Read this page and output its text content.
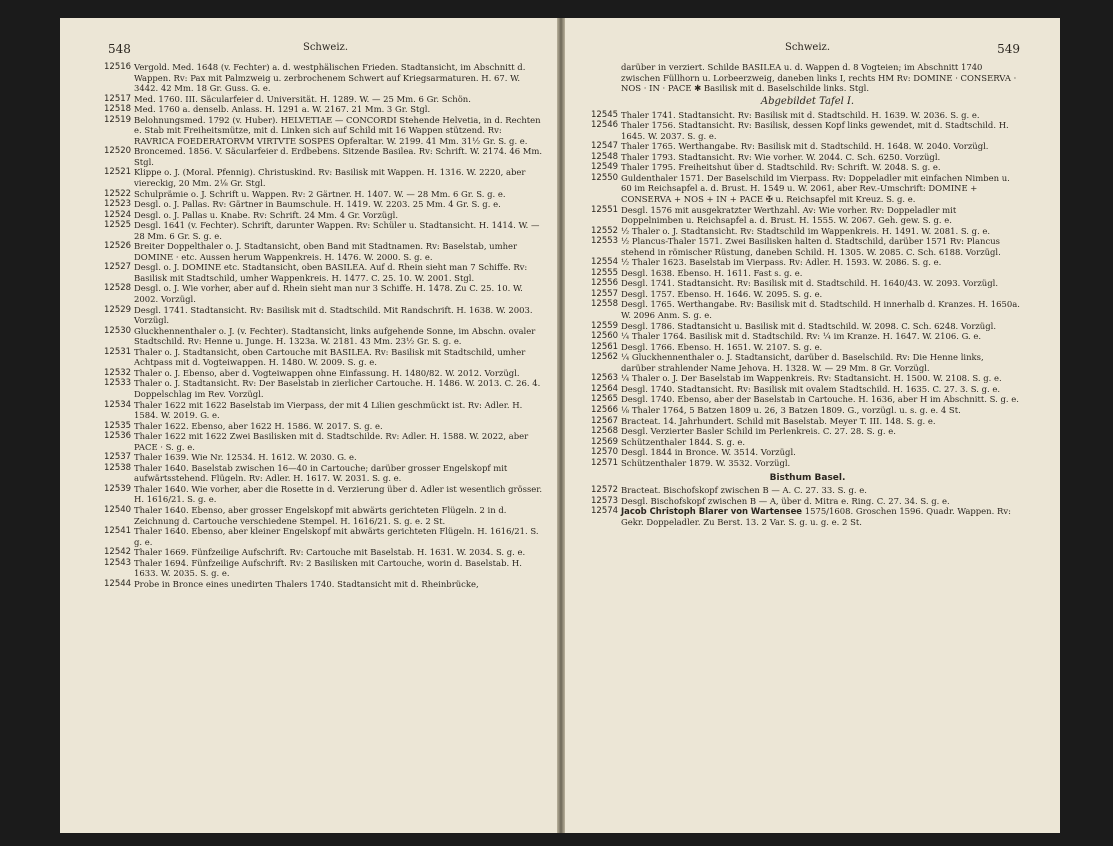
548	Schweiz.
12516 Vergold. Med. 1648 (v. Fechter) a. d. westphälischen Frieden. Stadtansicht, im Abschnitt d. Wappen. Rv: Pax mit Palmzweig u. zerbrochenem Schwert auf Kriegsarmaturen. H. 67. W. 3442. 42 Mm. 18 Gr. Guss. G. e.
12517 Med. 1760. III. Säcularfeier d. Universität. H. 1289. W. — 25 Mm. 6 Gr. Schön.
12518 Med. 1760 a. denselb. Anlass. H. 1291 a. W. 2167. 21 Mm. 3 Gr. Stgl.
12519 Belohnungsmed. 1792 (v. Huber). HELVETIAE — CONCORDI Stehende Helvetia, in d. Rechten e. Stab mit Freiheitsmütze, mit d. Linken sich auf Schild mit 16 Wappen stützend. Rv: RAVRICA FOEDERATORVM VIRTVTE SOSPES Opferaltar. W. 2199. 41 Mm. 31½ Gr. S. g. e.
12520 Broncemed. 1856. V. Säcularfeier d. Erdbebens. Sitzende Basilea. Rv: Schrift. W. 2174. 46 Mm. Stgl.
12521 Klippe o. J. (Moral. Pfennig). Christuskind. Rv: Basilisk mit Wappen. H. 1316. W. 2220, aber viereckig, 20 Mm. 2⅛ Gr. Stgl.
12522 Schulprämie o. J. Schrift u. Wappen. Rv: 2 Gärtner. H. 1407. W. — 28 Mm. 6 Gr. S. g. e.
12523 Desgl. o. J. Pallas. Rv: Gärtner in Baumschule. H. 1419. W. 2203. 25 Mm. 4 Gr. S. g. e.
12524 Desgl. o. J. Pallas u. Knabe. Rv: Schrift. 24 Mm. 4 Gr. Vorzügl.
12525 Desgl. 1641 (v. Fechter). Schrift, darunter Wappen. Rv: Schüler u. Stadtansicht. H. 1414. W. — 28 Mm. 6 Gr. S. g. e.
12526 Breiter Doppelthaler o. J. Stadtansicht, oben Band mit Stadtnamen. Rv: Baselstab, umher DOMINE · etc. Aussen herum Wappenkreis. H. 1476. W. 2000. S. g. e.
12527 Desgl. o. J. DOMINE etc. Stadtansicht, oben BASILEA. Auf d. Rhein sieht man 7 Schiffe. Rv: Basilisk mit Stadtschild, umher Wappenkreis. H. 1477. C. 25. 10. W. 2001. Stgl.
12528 Desgl. o. J. Wie vorher, aber auf d. Rhein sieht man nur 3 Schiffe. H. 1478. Zu C. 25. 10. W. 2002. Vorzügl.
12529 Desgl. 1741. Stadtansicht. Rv: Basilisk mit d. Stadtschild. Mit Randschrift. H. 1638. W. 2003. Vorzügl.
12530 Gluckhennenthaler o. J. (v. Fechter). Stadtansicht, links aufgehende Sonne, im Abschn. ovaler Stadtschild. Rv: Henne u. Junge. H. 1323a. W. 2181. 43 Mm. 23½ Gr. S. g. e.
12531 Thaler o. J. Stadtansicht, oben Cartouche mit BASILEA. Rv: Basilisk mit Stadtschild, umher Achtpass mit d. Vogteiwappen. H. 1480. W. 2009. S. g. e.
12532 Thaler o. J. Ebenso, aber d. Vogteiwappen ohne Einfassung. H. 1480/82. W. 2012. Vorzügl.
12533 Thaler o. J. Stadtansicht. Rv: Der Baselstab in zierlicher Cartouche. H. 1486. W. 2013. C. 26. 4. Doppelschlag im Rev. Vorzügl.
12534 Thaler 1622 mit 1622 Baselstab im Vierpass, der mit 4 Lilien geschmückt ist. Rv: Adler. H. 1584. W. 2019. G. e.
12535 Thaler 1622. Ebenso, aber 1622 H. 1586. W. 2017. S. g. e.
12536 Thaler 1622 mit 1622 Zwei Basilisken mit d. Stadtschilde. Rv: Adler. H. 1588. W. 2022, aber PACE · S. g. e.
12537 Thaler 1639. Wie Nr. 12534. H. 1612. W. 2030. G. e.
12538 Thaler 1640. Baselstab zwischen 16—40 in Cartouche; darüber grosser Engelskopf mit aufwärtsstehend. Flügeln. Rv: Adler. H. 1617. W. 2031. S. g. e.
12539 Thaler 1640. Wie vorher, aber die Rosette in d. Verzierung über d. Adler ist wesentlich grösser. H. 1616/21. S. g. e.
12540 Thaler 1640. Ebenso, aber grosser Engelskopf mit abwärts gerichteten Flügeln. 2 in d. Zeichnung d. Cartouche verschiedene Stempel. H. 1616/21. S. g. e. 2 St.
12541 Thaler 1640. Ebenso, aber kleiner Engelskopf mit abwärts gerichteten Flügeln. H. 1616/21. S. g. e.
12542 Thaler 1669. Fünfzeilige Aufschrift. Rv: Cartouche mit Baselstab. H. 1631. W. 2034. S. g. e.
12543 Thaler 1694. Fünfzeilige Aufschrift. Rv: 2 Basilisken mit Cartouche, worin d. Baselstab. H. 1633. W. 2035. S. g. e.
12544 Probe in Bronce eines unedirten Thalers 1740. Stadtansicht mit d. Rheinbrücke,
Schweiz.	549
darüber in verziert. Schilde BASILEA u. d. Wappen d. 8 Vogteien; im Abschnitt 1740 zwischen Füllhorn u. Lorbeerzweig, daneben links I, rechts HM Rv: DOMINE · CONSERVA · NOS · IN · PACE ✱ Basilisk mit d. Baselschilde links. Stgl.
Abgebildet Tafel I.
12545 Thaler 1741. Stadtansicht. Rv: Basilisk mit d. Stadtschild. H. 1639. W. 2036. S. g. e.
12546 Thaler 1756. Stadtansicht. Rv: Basilisk, dessen Kopf links gewendet, mit d. Stadtschild. H. 1645. W. 2037. S. g. e.
12547 Thaler 1765. Werthangabe. Rv: Basilisk mit d. Stadtschild. H. 1648. W. 2040. Vorzügl.
12548 Thaler 1793. Stadtansicht. Rv: Wie vorher. W. 2044. C. Sch. 6250. Vorzügl.
12549 Thaler 1795. Freiheitshut über d. Stadtschild. Rv: Schrift. W. 2048. S. g. e.
12550 Guldenthaler 1571. Der Baselschild im Vierpass. Rv: Doppeladler mit einfachen Nimben u. 60 im Reichsapfel a. d. Brust. H. 1549 u. W. 2061, aber Rev.-Umschrift: DOMINE + CONSERVA + NOS + IN + PACE ✠ u. Reichsapfel mit Kreuz. S. g. e.
12551 Desgl. 1576 mit ausgekratzter Werthzahl. Av: Wie vorher. Rv: Doppeladler mit Doppelnimben u. Reichsapfel a. d. Brust. H. 1555. W. 2067. Geh. gew. S. g. e.
12552 ½ Thaler o. J. Stadtansicht. Rv: Stadtschild im Wappenkreis. H. 1491. W. 2081. S. g. e.
12553 ½ Plancus-Thaler 1571. Zwei Basilisken halten d. Stadtschild, darüber 1571 Rv: Plancus stehend in römischer Rüstung, daneben Schild. H. 1305. W. 2085. C. Sch. 6188. Vorzügl.
12554 ½ Thaler 1623. Baselstab im Vierpass. Rv: Adler. H. 1593. W. 2086. S. g. e.
12555 Desgl. 1638. Ebenso. H. 1611. Fast s. g. e.
12556 Desgl. 1741. Stadtansicht. Rv: Basilisk mit d. Stadtschild. H. 1640/43. W. 2093. Vorzügl.
12557 Desgl. 1757. Ebenso. H. 1646. W. 2095. S. g. e.
12558 Desgl. 1765. Werthangabe. Rv: Basilisk mit d. Stadtschild. H innerhalb d. Kranzes. H. 1650a. W. 2096 Anm. S. g. e.
12559 Desgl. 1786. Stadtansicht u. Basilisk mit d. Stadtschild. W. 2098. C. Sch. 6248. Vorzügl.
12560 ¼ Thaler 1764. Basilisk mit d. Stadtschild. Rv: ¼ im Kranze. H. 1647. W. 2106. G. e.
12561 Desgl. 1766. Ebenso. H. 1651. W. 2107. S. g. e.
12562 ¼ Gluckhennenthaler o. J. Stadtansicht, darüber d. Baselschild. Rv: Die Henne links, darüber strahlender Name Jehova. H. 1328. W. — 29 Mm. 8 Gr. Vorzügl.
12563 ¼ Thaler o. J. Der Baselstab im Wappenkreis. Rv: Stadtansicht. H. 1500. W. 2108. S. g. e.
12564 Desgl. 1740. Stadtansicht. Rv: Basilisk mit ovalem Stadtschild. H. 1635. C. 27. 3. S. g. e.
12565 Desgl. 1740. Ebenso, aber der Baselstab in Cartouche. H. 1636, aber H im Abschnitt. S. g. e.
12566 ⅛ Thaler 1764, 5 Batzen 1809 u. 26, 3 Batzen 1809. G., vorzügl. u. s. g. e. 4 St.
12567 Bracteat. 14. Jahrhundert. Schild mit Baselstab. Meyer T. III. 148. S. g. e.
12568 Desgl. Verzierter Basler Schild im Perlenkreis. C. 27. 28. S. g. e.
12569 Schützenthaler 1844. S. g. e.
12570 Desgl. 1844 in Bronce. W. 3514. Vorzügl.
12571 Schützenthaler 1879. W. 3532. Vorzügl.
Bisthum Basel.
12572 Bracteat. Bischofskopf zwischen B — A. C. 27. 33. S. g. e.
12573 Desgl. Bischofskopf zwischen B — A, über d. Mitra e. Ring. C. 27. 34. S. g. e.
12574 Jacob Christoph Blarer von Wartensee 1575/1608. Groschen 1596. Quadr. Wappen. Rv: Gekr. Doppeladler. Zu Berst. 13. 2 Var. S. g. u. g. e. 2 St.
